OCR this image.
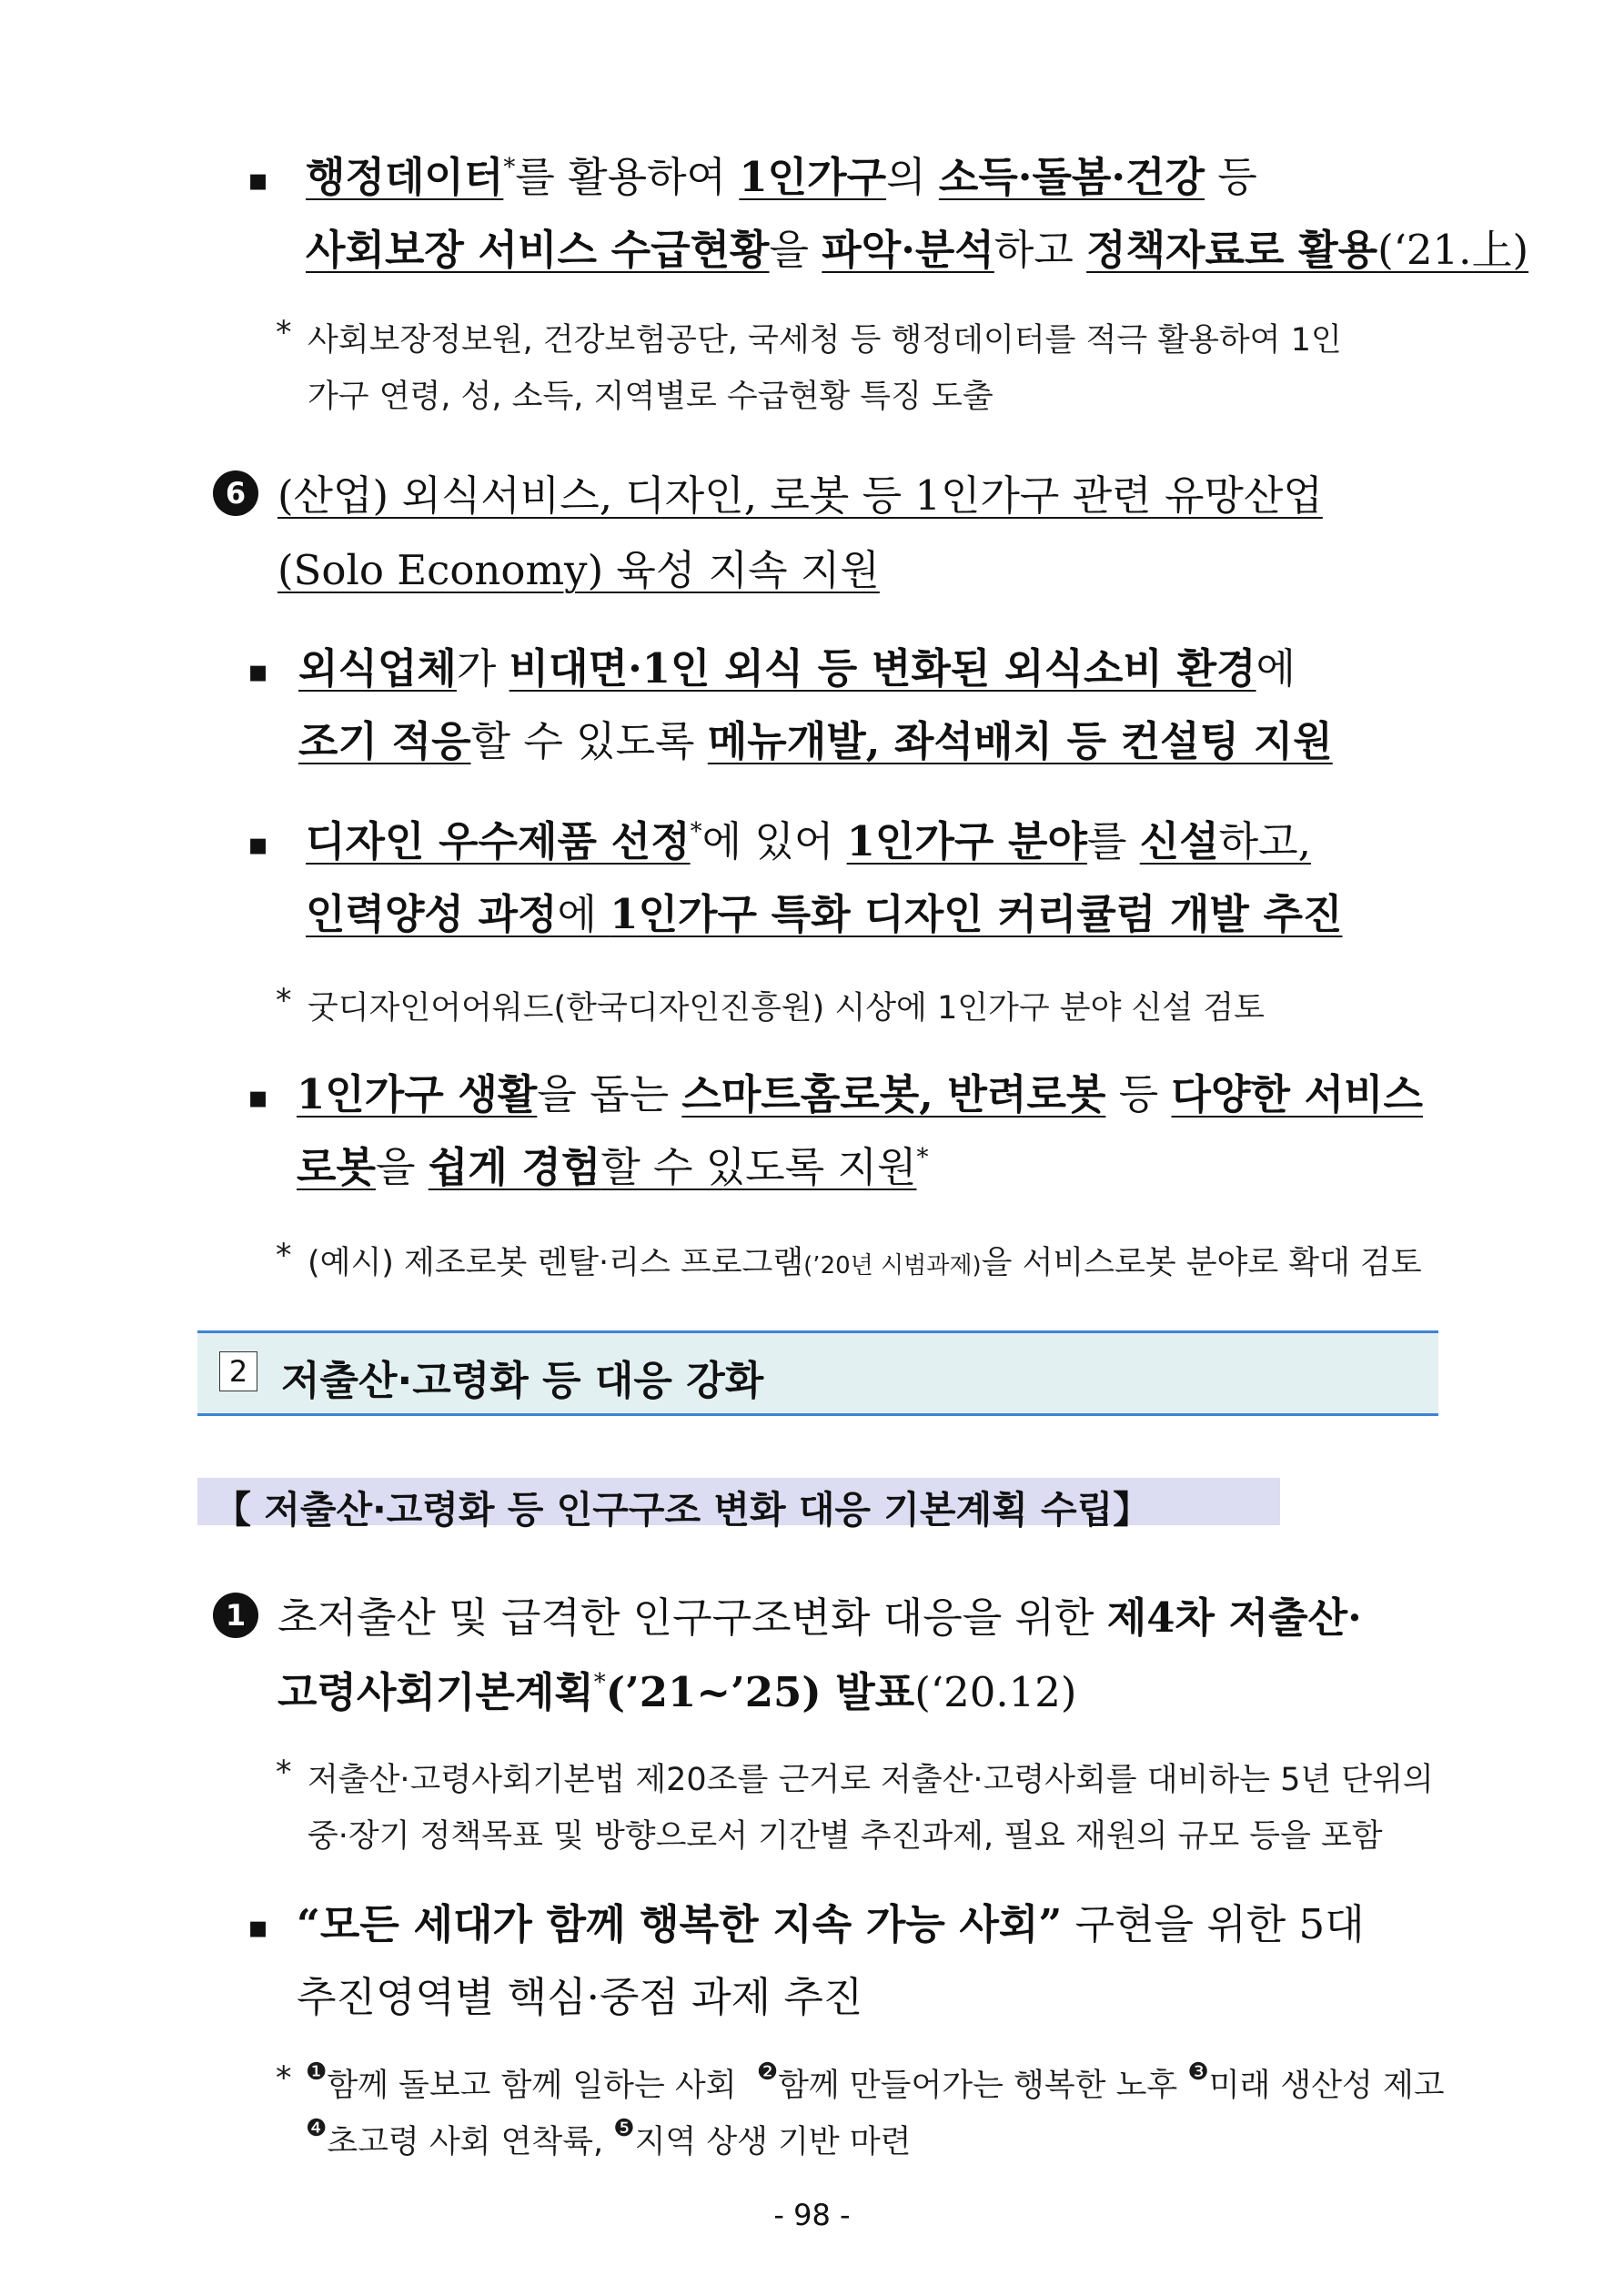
▪ 행정데이터*를 활용하여 1인가구의 소득·돌봄·건강 등
사회보장 서비스 수급현황을 파악·분석하고 정책자료로 활용(‘21.上)
* 사회보장정보원, 건강보험공단, 국세청 등 행정데이터를 적극 활용하여 1인
가구 연령, 성, 소득, 지역별로 수급현황 특징 도출
6 (산업) 외식서비스, 디자인, 로봇 등 1인가구 관련 유망산업
(Solo Economy) 육성 지속 지원
▪ 외식업체가 비대면·1인 외식 등 변화된 외식소비 환경에
조기 적응할 수 있도록 메뉴개발, 좌석배치 등 컨설팅 지원
▪ 디자인 우수제품 선정*에 있어 1인가구 분야를 신설하고,
인력양성 과정에 1인가구 특화 디자인 커리큘럼 개발 추진
* 굿디자인어어워드(한국디자인진흥원) 시상에 1인가구 분야 신설 검토
▪ 1인가구 생활을 돕는 스마트홈로봇, 반려로봇 등 다양한 서비스
로봇을 쉽게 경험할 수 있도록 지원*
* (예시) 제조로봇 렌탈·리스 프로그램(’20년 시범과제)을 서비스로봇 분야로 확대 검토
2 저출산·고령화 등 대응 강화
【 저출산·고령화 등 인구구조 변화 대응 기본계획 수립】
1 초저출산 및 급격한 인구구조변화 대응을 위한 제4차 저출산·
고령사회기본계획*(’21~’25) 발표(‘20.12)
* 저출산·고령사회기본법 제20조를 근거로 저출산·고령사회를 대비하는 5년 단위의
중·장기 정책목표 및 방향으로서 기간별 추진과제, 필요 재원의 규모 등을 포함
▪ “모든 세대가 함께 행복한 지속 가능 사회” 구현을 위한 5대
추진영역별 핵심·중점 과제 추진
* $^❶$함께 돌보고 함께 일하는 사회 $^❷$함께 만들어가는 행복한 노후 $^❸$미래 생산성 제고
$^❹$초고령 사회 연착륙, $^❺$지역 상생 기반 마련
- 98 -
